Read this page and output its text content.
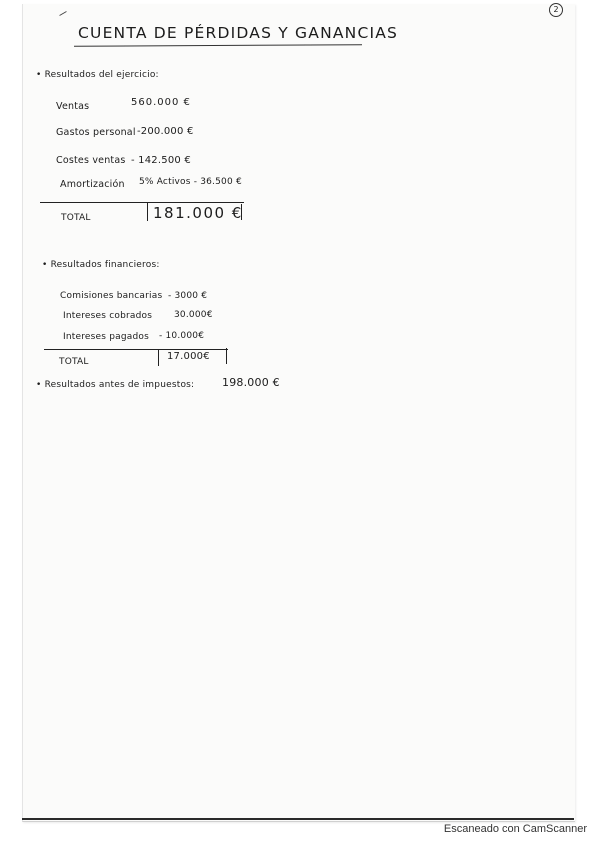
2
CUENTA DE PÉRDIDAS Y GANANCIAS
• Resultados del ejercicio:
Ventas	560.000 €
Gastos personal -200.000 €
Costes ventas - 142.500 €
Amortización 5% Activos - 36.500 €
TOTAL	181.000 €
• Resultados financieros:
Comisiones bancarias - 3000 €
Intereses cobrados 30.000€
Intereses pagados - 10.000€
TOTAL	17.000€
• Resultados antes de impuestos:	198.000 €
Escaneado con CamScanner
